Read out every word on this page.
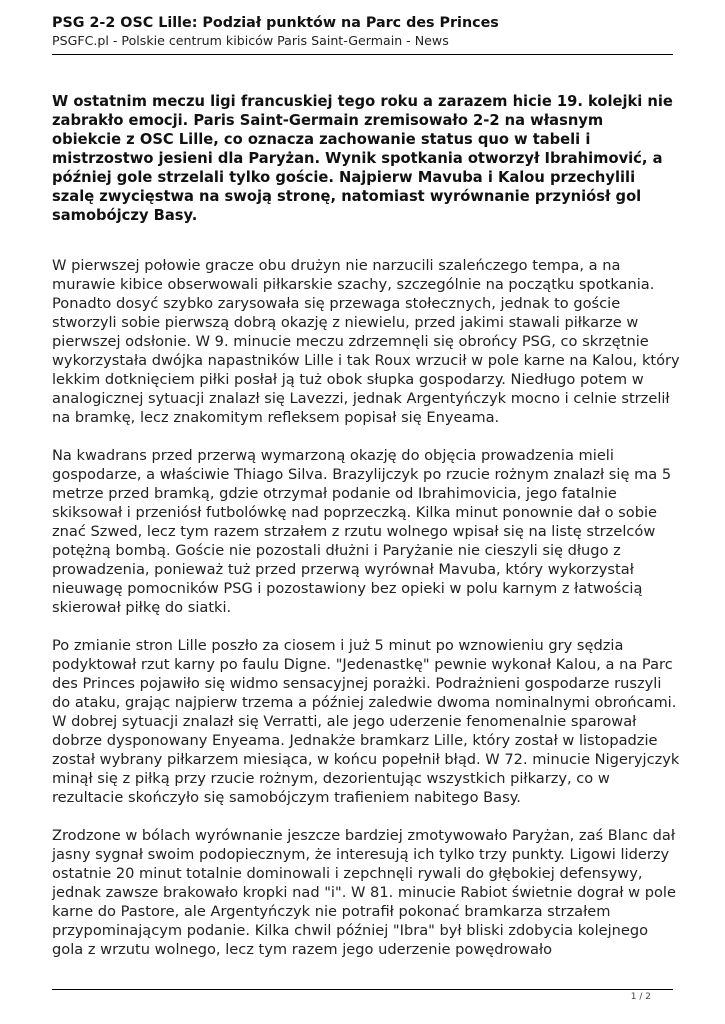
PSG 2-2 OSC Lille: Podział punktów na Parc des Princes
PSGFC.pl - Polskie centrum kibiców Paris Saint-Germain - News
W ostatnim meczu ligi francuskiej tego roku a zarazem hicie 19. kolejki nie zabrakło emocji. Paris Saint-Germain zremisowało 2-2 na własnym obiekcie z OSC Lille, co oznacza zachowanie status quo w tabeli i mistrzostwo jesieni dla Paryżan. Wynik spotkania otworzył Ibrahimović, a później gole strzelali tylko goście. Najpierw Mavuba i Kalou przechylili szalę zwycięstwa na swoją stronę, natomiast wyrównanie przyniósł gol samobójczy Basy.

W pierwszej połowie gracze obu drużyn nie narzucili szaleńczego tempa, a na murawie kibice obserwowali piłkarskie szachy, szczególnie na początku spotkania. Ponadto dosyć szybko zarysowała się przewaga stołecznych, jednak to goście stworzyli sobie pierwszą dobrą okazję z niewielu, przed jakimi stawali piłkarze w pierwszej odsłonie. W 9. minucie meczu zdrzemnęli się obrońcy PSG, co skrzętnie wykorzystała dwójka napastników Lille i tak Roux wrzucił w pole karne na Kalou, który lekkim dotknięciem piłki posłał ją tuż obok słupka gospodarzy. Niedługo potem w analogicznej sytuacji znalazł się Lavezzi, jednak Argentyńczyk mocno i celnie strzelił na bramkę, lecz znakomitym refleksem popisał się Enyeama.

Na kwadrans przed przerwą wymarzoną okazję do objęcia prowadzenia mieli gospodarze, a właściwie Thiago Silva. Brazylijczyk po rzucie rożnym znalazł się ma 5 metrze przed bramką, gdzie otrzymał podanie od Ibrahimovicia, jego fatalnie skiksował i przeniósł futbolówkę nad poprzeczką. Kilka minut ponownie dał o sobie znać Szwed, lecz tym razem strzałem z rzutu wolnego wpisał się na listę strzelców potężną bombą. Goście nie pozostali dłużni i Paryżanie nie cieszyli się długo z prowadzenia, ponieważ tuż przed przerwą wyrównał Mavuba, który wykorzystał nieuwagę pomocników PSG i pozostawiony bez opieki w polu karnym z łatwością skierował piłkę do siatki.

Po zmianie stron Lille poszło za ciosem i już 5 minut po wznowieniu gry sędzia podyktował rzut karny po faulu Digne. "Jedenastkę" pewnie wykonał Kalou, a na Parc des Princes pojawiło się widmo sensacyjnej porażki. Podrażnieni gospodarze ruszyli do ataku, grając najpierw trzema a później zaledwie dwoma nominalnymi obrońcami. W dobrej sytuacji znalazł się Verratti, ale jego uderzenie fenomenalnie sparował dobrze dysponowany Enyeama. Jednakże bramkarz Lille, który został w listopadzie został wybrany piłkarzem miesiąca, w końcu popełnił błąd. W 72. minucie Nigeryjczyk minął się z piłką przy rzucie rożnym, dezorientując wszystkich piłkarzy, co w rezultacie skończyło się samobójczym trafieniem nabitego Basy.

Zrodzone w bólach wyrównanie jeszcze bardziej zmotywowało Paryżan, zaś Blanc dał jasny sygnał swoim podopiecznym, że interesują ich tylko trzy punkty. Ligowi liderzy ostatnie 20 minut totalnie dominowali i zepchnęli rywali do głębokiej defensywy, jednak zawsze brakowało kropki nad "i". W 81. minucie Rabiot świetnie dograł w pole karne do Pastore, ale Argentyńczyk nie potrafił pokonać bramkarza strzałem przypominającym podanie. Kilka chwil później "Ibra" był bliski zdobycia kolejnego gola z wrzutu wolnego, lecz tym razem jego uderzenie powędrowało

1 / 2
